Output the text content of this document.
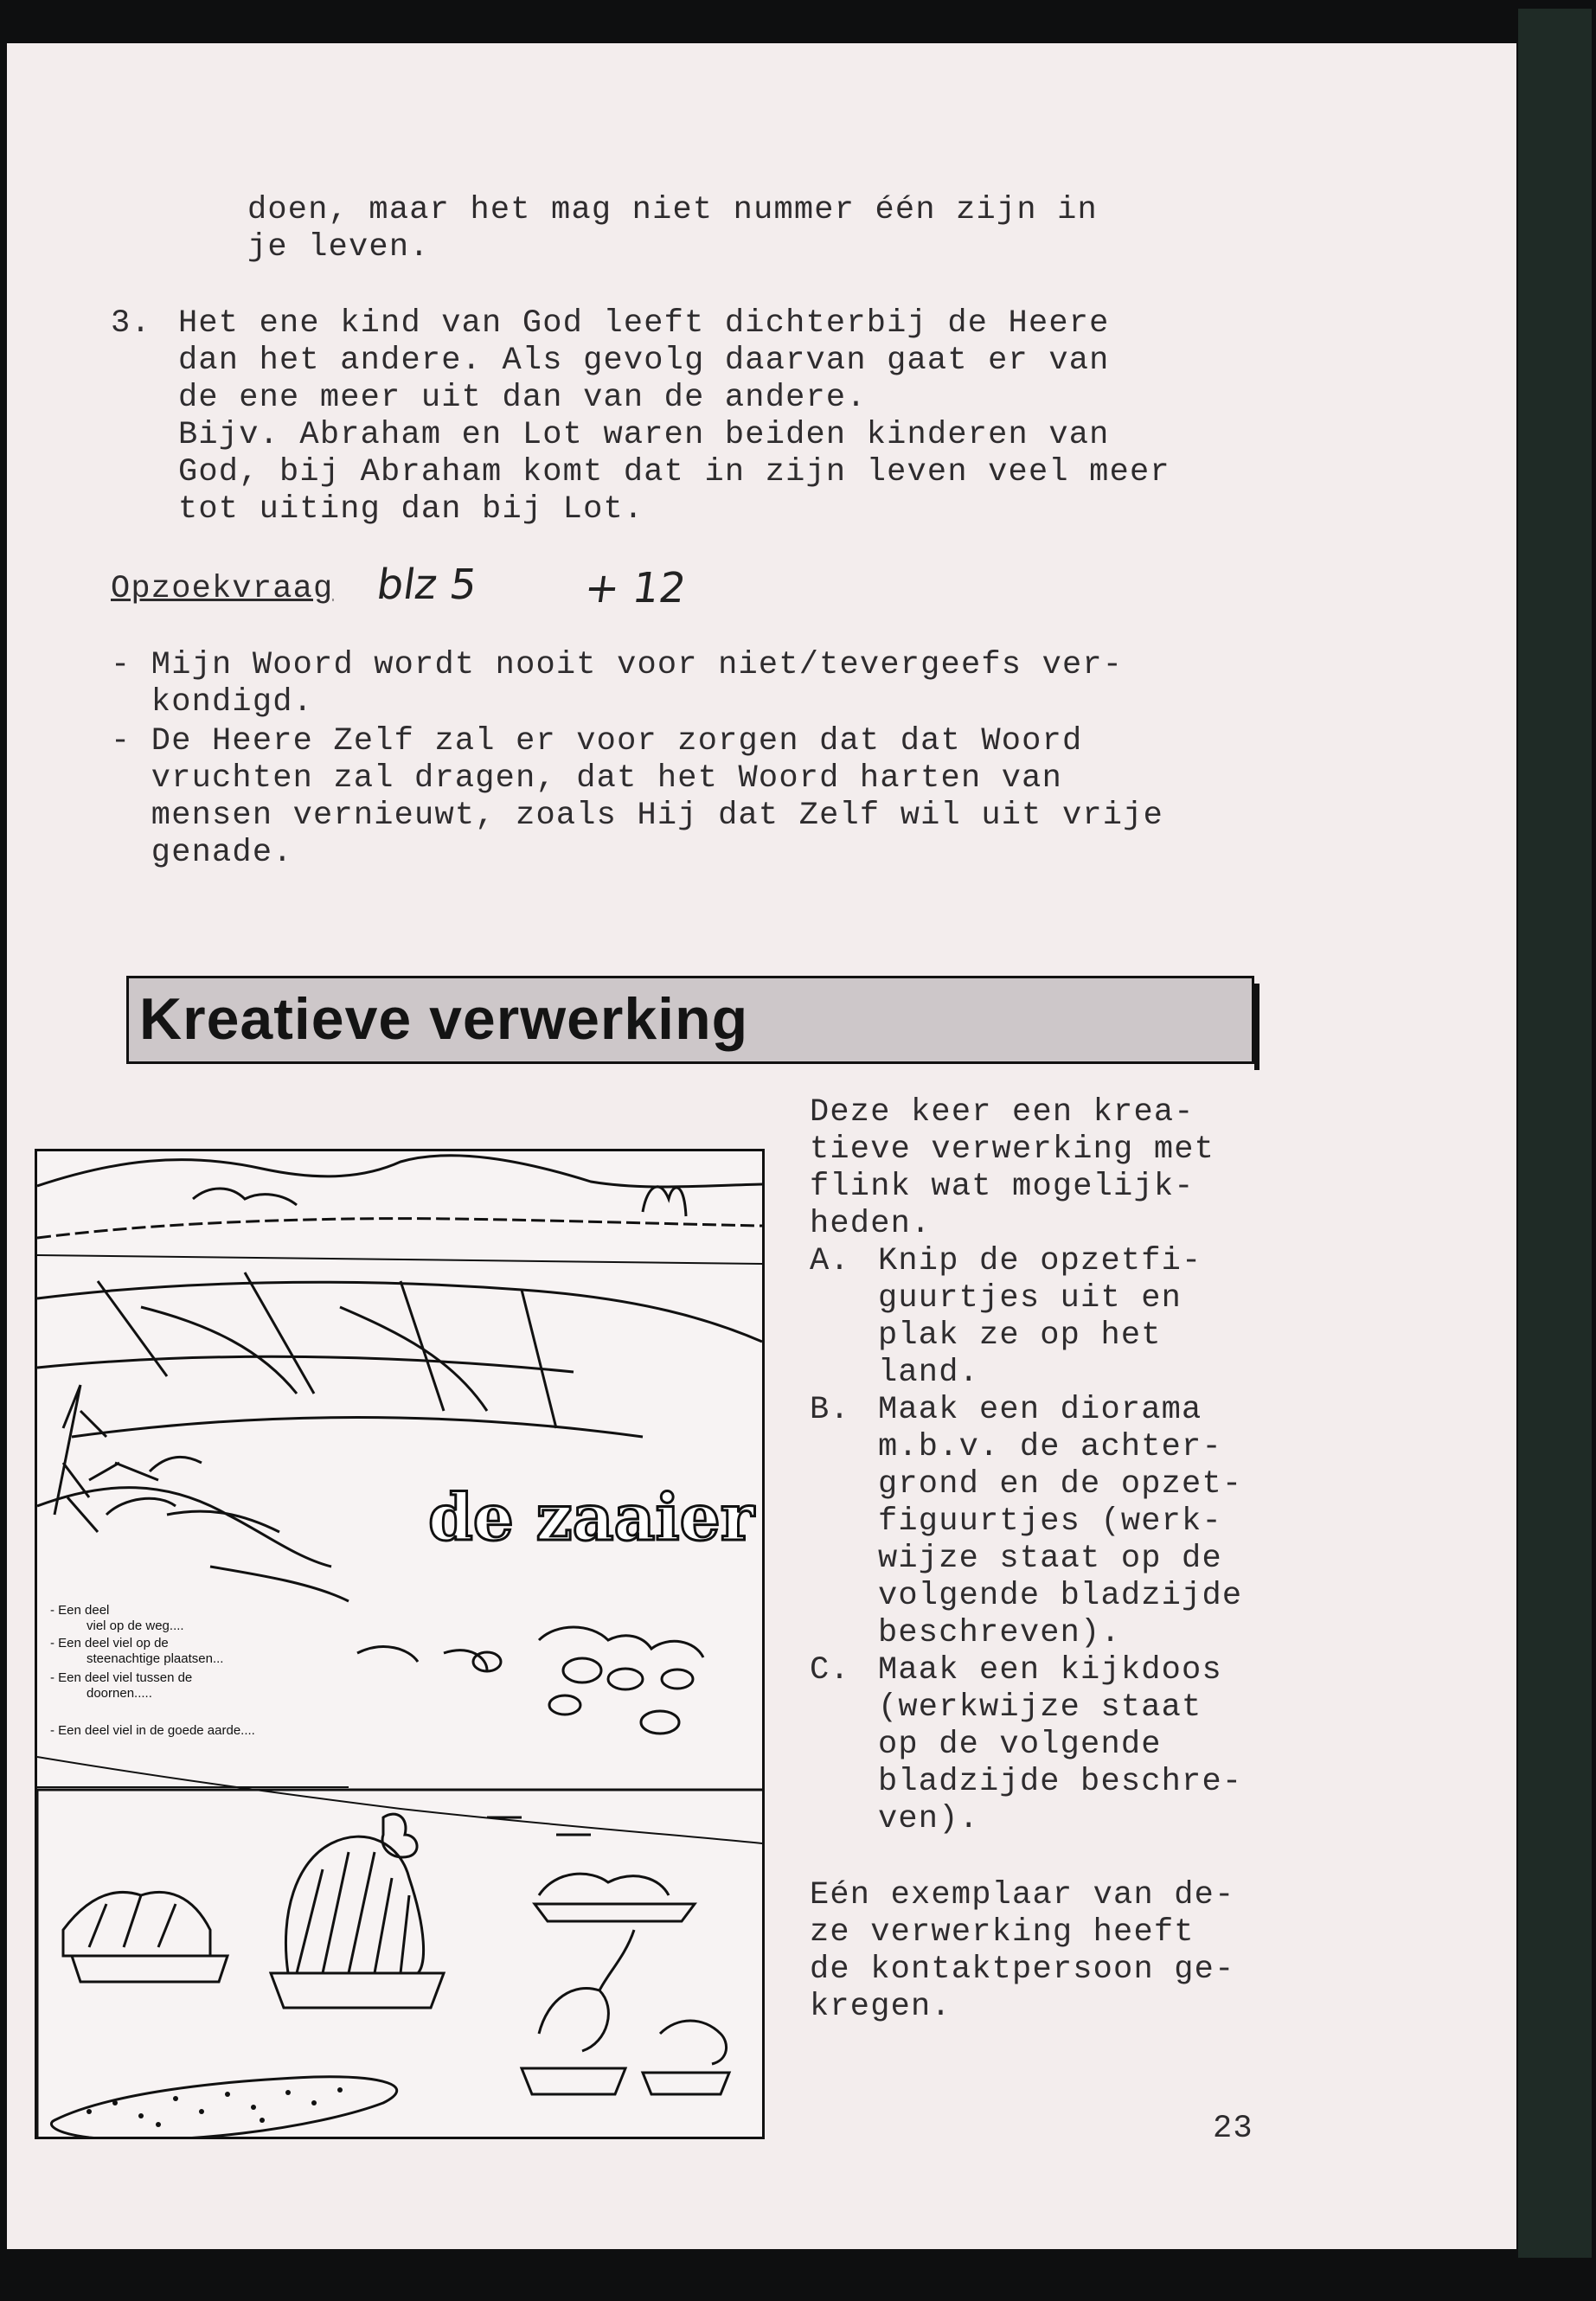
doen, maar het mag niet nummer één zijn in
je leven.
3. Het ene kind van God leeft dichterbij de Heere
dan het andere. Als gevolg daarvan gaat er van
de ene meer uit dan van de andere.
Bijv. Abraham en Lot waren beiden kinderen van
God, bij Abraham komt dat in zijn leven veel meer
tot uiting dan bij Lot.
Opzoekvraag blz 5 + 12
- Mijn Woord wordt nooit voor niet/tevergeefs ver-
kondigd.
- De Heere Zelf zal er voor zorgen dat dat Woord
vruchten zal dragen, dat het Woord harten van
mensen vernieuwt, zoals Hij dat Zelf wil uit vrije
genade.
Kreatieve verwerking
de zaaier
- Een deel
viel op de weg....
- Een deel viel op de
steenachtige plaatsen...
- Een deel viel tussen de
doornen.....
- Een deel viel in de goede aarde....
Deze keer een krea-
tieve verwerking met
flink wat mogelijk-
heden.
A. Knip de opzetfi-
guurtjes uit en
plak ze op het
land.
B. Maak een diorama
m.b.v. de achter-
grond en de opzet-
figuurtjes (werk-
wijze staat op de
volgende bladzijde
beschreven).
C. Maak een kijkdoos
(werkwijze staat
op de volgende
bladzijde beschre-
ven).
Eén exemplaar van de-
ze verwerking heeft
de kontaktpersoon ge-
kregen.
23
